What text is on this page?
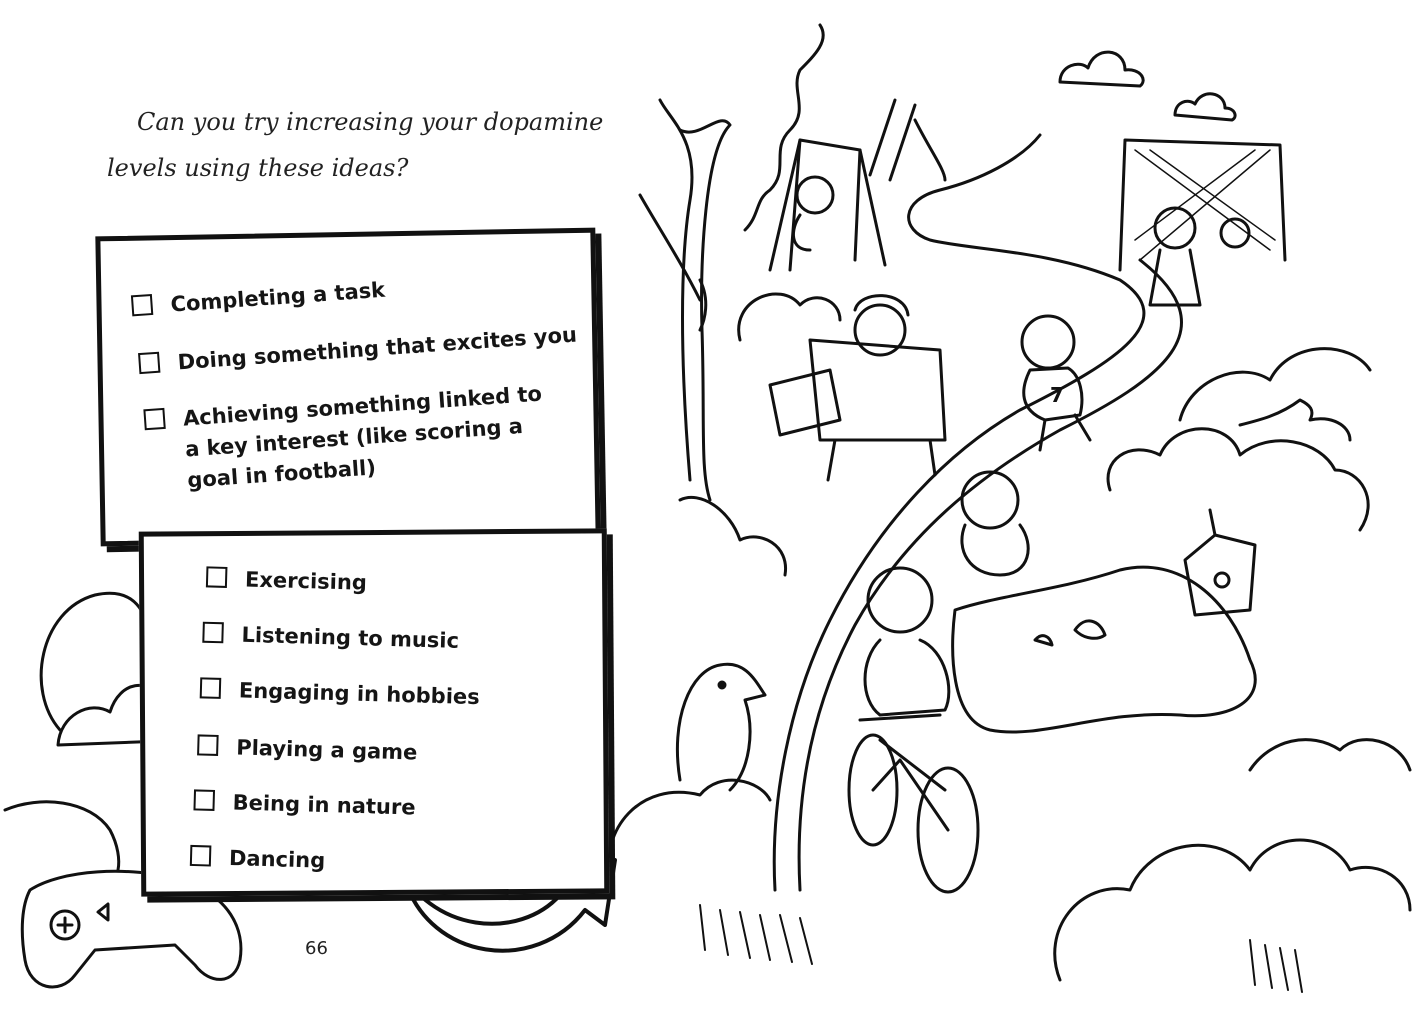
7
Can you try increasing your dopamine
levels using these ideas?
Completing a task
Doing something that excites you
Achieving something linked to a key interest (like scoring a goal in football)
Exercising
Listening to music
Engaging in hobbies
Playing a game
Being in nature
Dancing
66
